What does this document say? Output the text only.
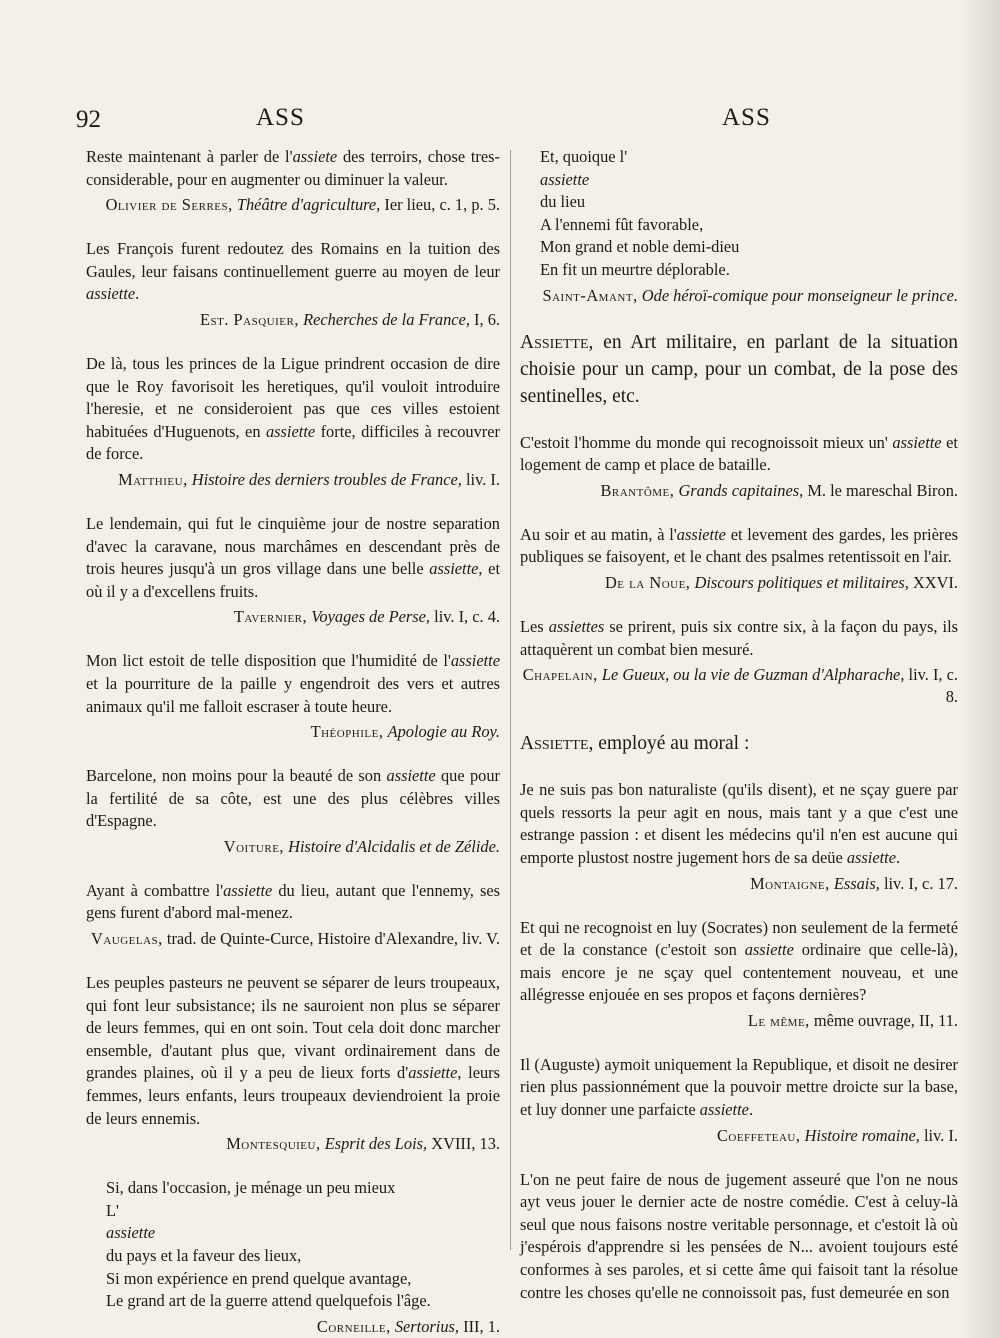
92	ASS	ASS

Reste maintenant à parler de l'assiete des terroirs, chose tres-considerable, pour en augmenter ou diminuer la valeur.

Olivier de Serres, Théâtre d'agriculture, Ier lieu, c. 1, p. 5.

Les François furent redoutez des Romains en la tuition des Gaules, leur faisans continuellement guerre au moyen de leur assiette.

Est. Pasquier, Recherches de la France, I, 6.

De là, tous les princes de la Ligue prindrent occasion de dire que le Roy favorisoit les heretiques, qu'il vouloit introduire l'heresie, et ne consideroient pas que ces villes estoient habituées d'Huguenots, en assiette forte, difficiles à recouvrer de force.

Matthieu, Histoire des derniers troubles de France, liv. I.

Le lendemain, qui fut le cinquième jour de nostre separation d'avec la caravane, nous marchâmes en descendant près de trois heures jusqu'à un gros village dans une belle assiette, et où il y a d'excellens fruits.

Tavernier, Voyages de Perse, liv. I, c. 4.

Mon lict estoit de telle disposition que l'humidité de l'assiette et la pourriture de la paille y engendroit des vers et autres animaux qu'il me falloit escraser à toute heure.

Théophile, Apologie au Roy.

Barcelone, non moins pour la beauté de son assiette que pour la fertilité de sa côte, est une des plus célèbres villes d'Espagne.

Voiture, Histoire d'Alcidalis et de Zélide.

Ayant à combattre l'assiette du lieu, autant que l'ennemy, ses gens furent d'abord mal-menez.

Vaugelas, trad. de Quinte-Curce, Histoire d'Alexandre, liv. V.

Les peuples pasteurs ne peuvent se séparer de leurs troupeaux, qui font leur subsistance; ils ne sauroient non plus se séparer de leurs femmes, qui en ont soin. Tout cela doit donc marcher ensemble, d'autant plus que, vivant ordinairement dans de grandes plaines, où il y a peu de lieux forts d'assiette, leurs femmes, leurs enfants, leurs troupeaux deviendroient la proie de leurs ennemis.

Montesquieu, Esprit des Lois, XVIII, 13.
Si, dans l'occasion, je ménage un peu mieux
L'
assiette
du pays et la faveur des lieux,
Si mon expérience en prend quelque avantage,
Le grand art de la guerre attend quelquefois l'âge.
Corneille, Sertorius, III, 1.
Et, quoique l'
assiette
du lieu
A l'ennemi fût favorable,
Mon grand et noble demi-dieu
En fit un meurtre déplorable.
Saint-Amant, Ode héroï-comique pour monseigneur le prince.

Assiette, en Art militaire, en parlant de la situation choisie pour un camp, pour un combat, de la pose des sentinelles, etc.

C'estoit l'homme du monde qui recognoissoit mieux un' assiette et logement de camp et place de bataille.

Brantôme, Grands capitaines, M. le mareschal Biron.

Au soir et au matin, à l'assiette et levement des gardes, les prières publiques se faisoyent, et le chant des psalmes retentissoit en l'air.

De la Noue, Discours politiques et militaires, XXVI.

Les assiettes se prirent, puis six contre six, à la façon du pays, ils attaquèrent un combat bien mesuré.

Chapelain, Le Gueux, ou la vie de Guzman d'Alpharache, liv. I, c. 8.

Assiette, employé au moral :

Je ne suis pas bon naturaliste (qu'ils disent), et ne sçay guere par quels ressorts la peur agit en nous, mais tant y a que c'est une estrange passion : et disent les médecins qu'il n'en est aucune qui emporte plustost nostre jugement hors de sa deüe assiette.

Montaigne, Essais, liv. I, c. 17.

Et qui ne recognoist en luy (Socrates) non seulement de la fermeté et de la constance (c'estoit son assiette ordinaire que celle-là), mais encore je ne sçay quel contentement nouveau, et une allégresse enjouée en ses propos et façons dernières?

Le même, même ouvrage, II, 11.

Il (Auguste) aymoit uniquement la Republique, et disoit ne desirer rien plus passionnément que la pouvoir mettre droicte sur la base, et luy donner une parfaicte assiette.

Coeffeteau, Histoire romaine, liv. I.

L'on ne peut faire de nous de jugement asseuré que l'on ne nous ayt veus jouer le dernier acte de nostre comédie. C'est à celuy-là seul que nous faisons nostre veritable personnage, et c'estoit là où j'espérois d'apprendre si les pensées de N... avoient toujours esté conformes à ses paroles, et si cette âme qui faisoit tant la résolue contre les choses qu'elle ne connoissoit pas, fust demeurée en son
